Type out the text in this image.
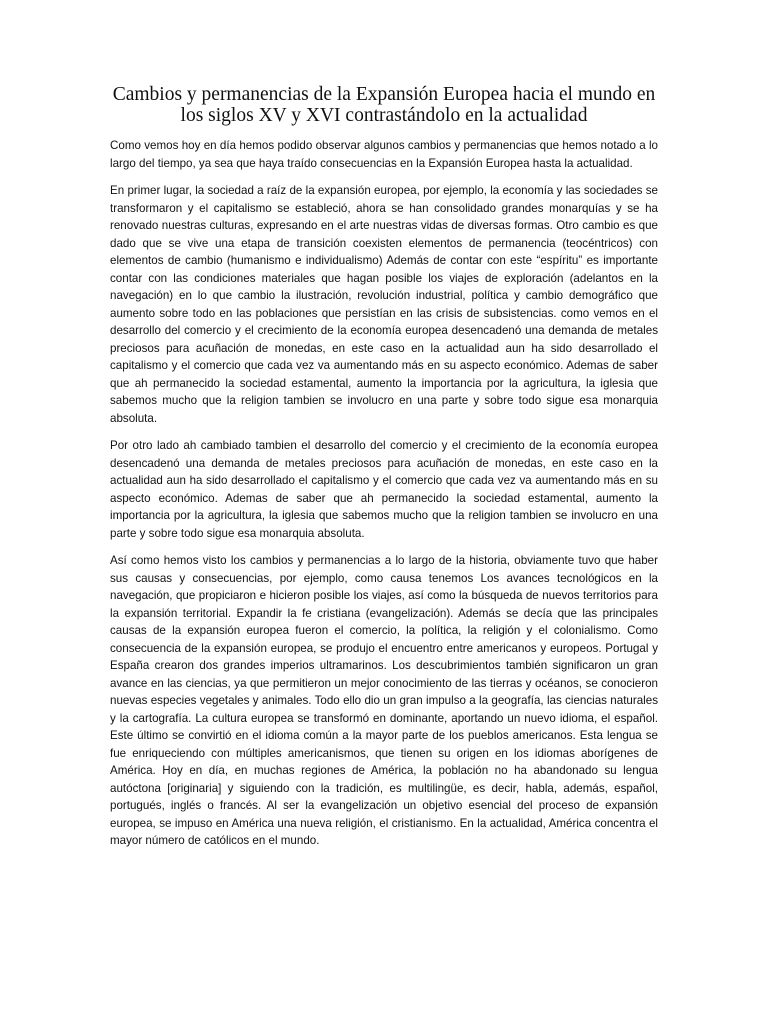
Cambios y permanencias de la Expansión Europea hacia el mundo en los siglos XV y XVI contrastándolo en la actualidad

Como vemos hoy en día hemos podido observar algunos cambios y permanencias que hemos notado a lo largo del tiempo, ya sea que haya traído consecuencias en la Expansión Europea hasta la actualidad.

En primer lugar, la sociedad a raíz de la expansión europea, por ejemplo, la economía y las sociedades se transformaron y el capitalismo se estableció, ahora se han consolidado grandes monarquías y se ha renovado nuestras culturas, expresando en el arte nuestras vidas de diversas formas. Otro cambio es que dado que se vive una etapa de transición coexisten elementos de permanencia (teocéntricos) con elementos de cambio (humanismo e individualismo) Además de contar con este “espíritu” es importante contar con las condiciones materiales que hagan posible los viajes de exploración (adelantos en la navegación) en lo que cambio la ilustración, revolución industrial, política y cambio demográfico que aumento sobre todo en las poblaciones que persistían en las crisis de subsistencias. como vemos en el desarrollo del comercio y el crecimiento de la economía europea desencadenó una demanda de metales preciosos para acuñación de monedas, en este caso en la actualidad aun ha sido desarrollado el capitalismo y el comercio que cada vez va aumentando más en su aspecto económico. Ademas de saber que ah permanecido la sociedad estamental, aumento la importancia por la agricultura, la iglesia que sabemos mucho que la religion tambien se involucro en una parte y sobre todo sigue esa monarquia absoluta.

Por otro lado ah cambiado tambien el desarrollo del comercio y el crecimiento de la economía europea desencadenó una demanda de metales preciosos para acuñación de monedas, en este caso en la actualidad aun ha sido desarrollado el capitalismo y el comercio que cada vez va aumentando más en su aspecto económico. Ademas de saber que ah permanecido la sociedad estamental, aumento la importancia por la agricultura, la iglesia que sabemos mucho que la religion tambien se involucro en una parte y sobre todo sigue esa monarquia absoluta.

Así como hemos visto los cambios y permanencias a lo largo de la historia, obviamente tuvo que haber sus causas y consecuencias, por ejemplo, como causa tenemos Los avances tecnológicos en la navegación, que propiciaron e hicieron posible los viajes, así como la búsqueda de nuevos territorios para la expansión territorial. Expandir la fe cristiana (evangelización). Además se decía que las principales causas de la expansión europea fueron el comercio, la política, la religión y el colonialismo. Como consecuencia de la expansión europea, se produjo el encuentro entre americanos y europeos. Portugal y España crearon dos grandes imperios ultramarinos. Los descubrimientos también significaron un gran avance en las ciencias, ya que permitieron un mejor conocimiento de las tierras y océanos, se conocieron nuevas especies vegetales y animales. Todo ello dio un gran impulso a la geografía, las ciencias naturales y la cartografía. La cultura europea se transformó en dominante, aportando un nuevo idioma, el español. Este último se convirtió en el idioma común a la mayor parte de los pueblos americanos. Esta lengua se fue enriqueciendo con múltiples americanismos, que tienen su origen en los idiomas aborígenes de América. Hoy en día, en muchas regiones de América, la población no ha abandonado su lengua autóctona [originaria] y siguiendo con la tradición, es multilingüe, es decir, habla, además, español, portugués, inglés o francés. Al ser la evangelización un objetivo esencial del proceso de expansión europea, se impuso en América una nueva religión, el cristianismo. En la actualidad, América concentra el mayor número de católicos en el mundo.
